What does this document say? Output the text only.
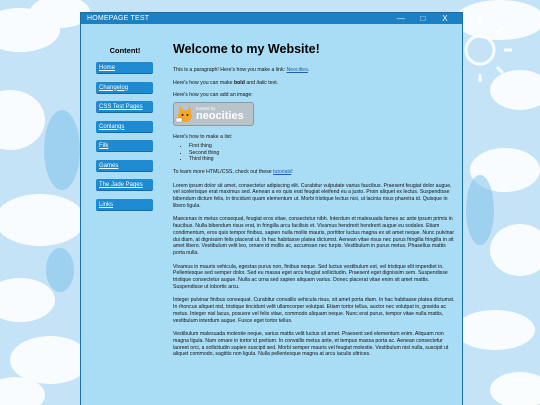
HOMEPAGE TEST	—	□	X
Content!
Home
Changelog
CSS Test Pages
Conlangs
Filk
Games
The Jade Pages
Links
Welcome to my Website!

This is a paragraph! Here's how you make a link: Neocities.

Here's how you can make bold and italic text.

Here's how you can add an image:

hosted by
neocities

Here's how to make a list:

• First thing
• Second thing
• Third thing

To learn more HTML/CSS, check out these tutorials!

Lorem ipsum dolor sit amet, consectetur adipiscing elit. Curabitur vulputate varius faucibus. Praesent feugiat dolor augue, vel scelerisque erat maximus sed. Aenean a ex quis erat feugiat eleifend eu a justo. Proin aliquet ex lectus. Suspendisse bibendum dictum felis, in tincidunt quam elementum ut. Morbi tristique lectus nisi, ut lacinia risus pharetra id. Quisque in libero ligula.

Maecenas in metus consequat, feugiat eros vitae, consectetur nibh. Interdum et malesuada fames ac ante ipsum primis in faucibus. Nulla bibendum risus erat, in fringilla arcu facilisis et. Vivamus hendrerit hendrerit augue eu sodales. Etiam condimentum, eros quis tempor finibus, sapien nulla mollis mauris, porttitor luctus magna ex sit amet neque. Nunc pulvinar dui diam, at dignissim felis placerat ut. In hac habitasse platea dictumst. Aenean vitae risus nec purus fringilla fringilla in sit amet libero. Vestibulum velit leo, ornare id mollis ac, accumsan nec turpis. Vestibulum in purus metus. Phasellus mattis porta nulla.

Vivamus in mauris vehicula, egestas purus non, finibus neque. Sed luctus vestibulum est, vel tristique elit imperdiet in. Pellentesque sed semper dolor. Sed eu massa eget arcu feugiat sollicitudin. Praesent eget dignissim sem. Suspendisse tristique consectetur augue. Nulla ac urna sed sapien aliquam varius. Donec placerat vitae enim sit amet mattis. Suspendisse ut lobortis arcu.

Integer pulvinar finibus consequat. Curabitur convallis vehicula risus, sit amet porta diam. In hac habitasse platea dictumst. In rhoncus aliquet nisl, tristique tincidunt velit ullamcorper volutpat. Etiam tortor tellus, auctor nec volutpat in, gravida ac metus. Integer nisl lacus, posuere vel felis vitae, commodo aliquam neque. Nunc erat purus, tempor vitae nulla mattis, vestibulum interdum augue. Fusce eget tortor tellus.

Vestibulum malesuada molestie neque, varius mattis velit luctus sit amet. Praesent sed elementum enim. Aliquam non magna ligula. Nam ornare in tortor id pretium. In convallis metus ante, et tempus massa porta ac. Aenean consectetur laoreet orci, a sollicitudin sapien suscipit sed. Morbi semper mauris vel feugiat molestie. Vestibulum nisl nulla, suscipit ut aliquet commodo, sagittis non ligula. Nulla pellentesque magna at arcu iaculis ultrices.
